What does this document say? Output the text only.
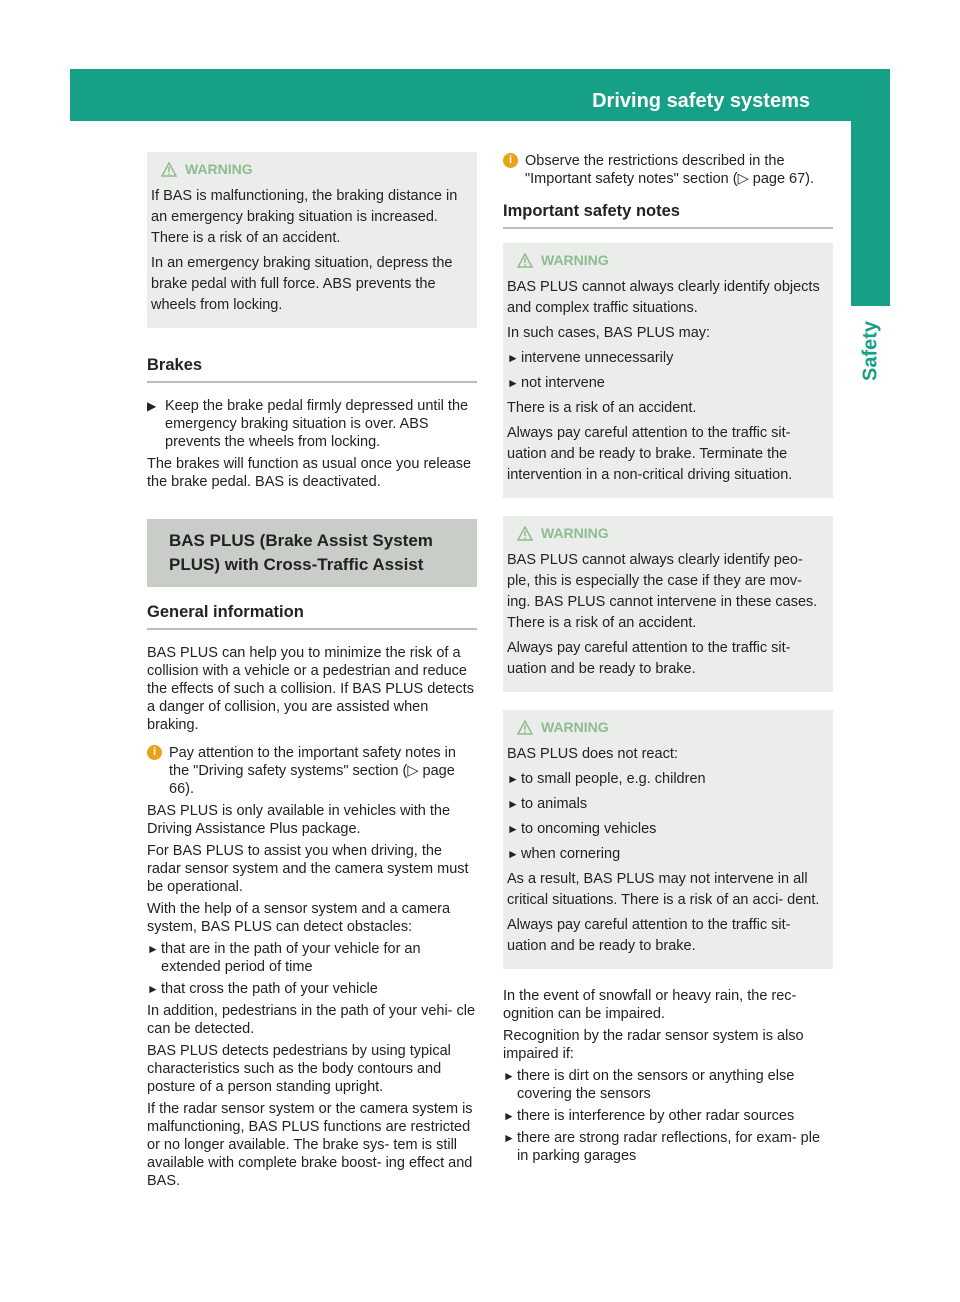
Driving safety systems	67
Safety
WARNING

If BAS is malfunctioning, the braking distance in an emergency braking situation is increased. There is a risk of an accident.

In an emergency braking situation, depress the brake pedal with full force. ABS prevents the wheels from locking.

Brakes
▶ Keep the brake pedal firmly depressed until the emergency braking situation is over. ABS prevents the wheels from locking.

The brakes will function as usual once you release the brake pedal. BAS is deactivated.

BAS PLUS (Brake Assist System PLUS) with Cross-Traffic Assist
General information

BAS PLUS can help you to minimize the risk of a collision with a vehicle or a pedestrian and reduce the effects of such a collision. If BAS PLUS detects a danger of collision, you are assisted when braking.

i Pay attention to the important safety notes in the "Driving safety systems" section (▷ page 66).

BAS PLUS is only available in vehicles with the Driving Assistance Plus package.

For BAS PLUS to assist you when driving, the radar sensor system and the camera system must be operational.

With the help of a sensor system and a camera system, BAS PLUS can detect obstacles:

► that are in the path of your vehicle for an extended period of time
► that cross the path of your vehicle

In addition, pedestrians in the path of your vehi- cle can be detected.

BAS PLUS detects pedestrians by using typical characteristics such as the body contours and posture of a person standing upright.

If the radar sensor system or the camera system is malfunctioning, BAS PLUS functions are restricted or no longer available. The brake sys- tem is still available with complete brake boost- ing effect and BAS.

i Observe the restrictions described in the "Important safety notes" section (▷ page 67).
Important safety notes
WARNING

BAS PLUS cannot always clearly identify objects and complex traffic situations.

In such cases, BAS PLUS may:

► intervene unnecessarily
► not intervene

There is a risk of an accident.

Always pay careful attention to the traffic sit- uation and be ready to brake. Terminate the intervention in a non-critical driving situation.

WARNING

BAS PLUS cannot always clearly identify peo- ple, this is especially the case if they are mov- ing. BAS PLUS cannot intervene in these cases. There is a risk of an accident.

Always pay careful attention to the traffic sit- uation and be ready to brake.

WARNING

BAS PLUS does not react:

► to small people, e.g. children
► to animals
► to oncoming vehicles
► when cornering

As a result, BAS PLUS may not intervene in all critical situations. There is a risk of an acci- dent.

Always pay careful attention to the traffic sit- uation and be ready to brake.

In the event of snowfall or heavy rain, the rec- ognition can be impaired.

Recognition by the radar sensor system is also impaired if:

► there is dirt on the sensors or anything else covering the sensors
► there is interference by other radar sources
► there are strong radar reflections, for exam- ple in parking garages
